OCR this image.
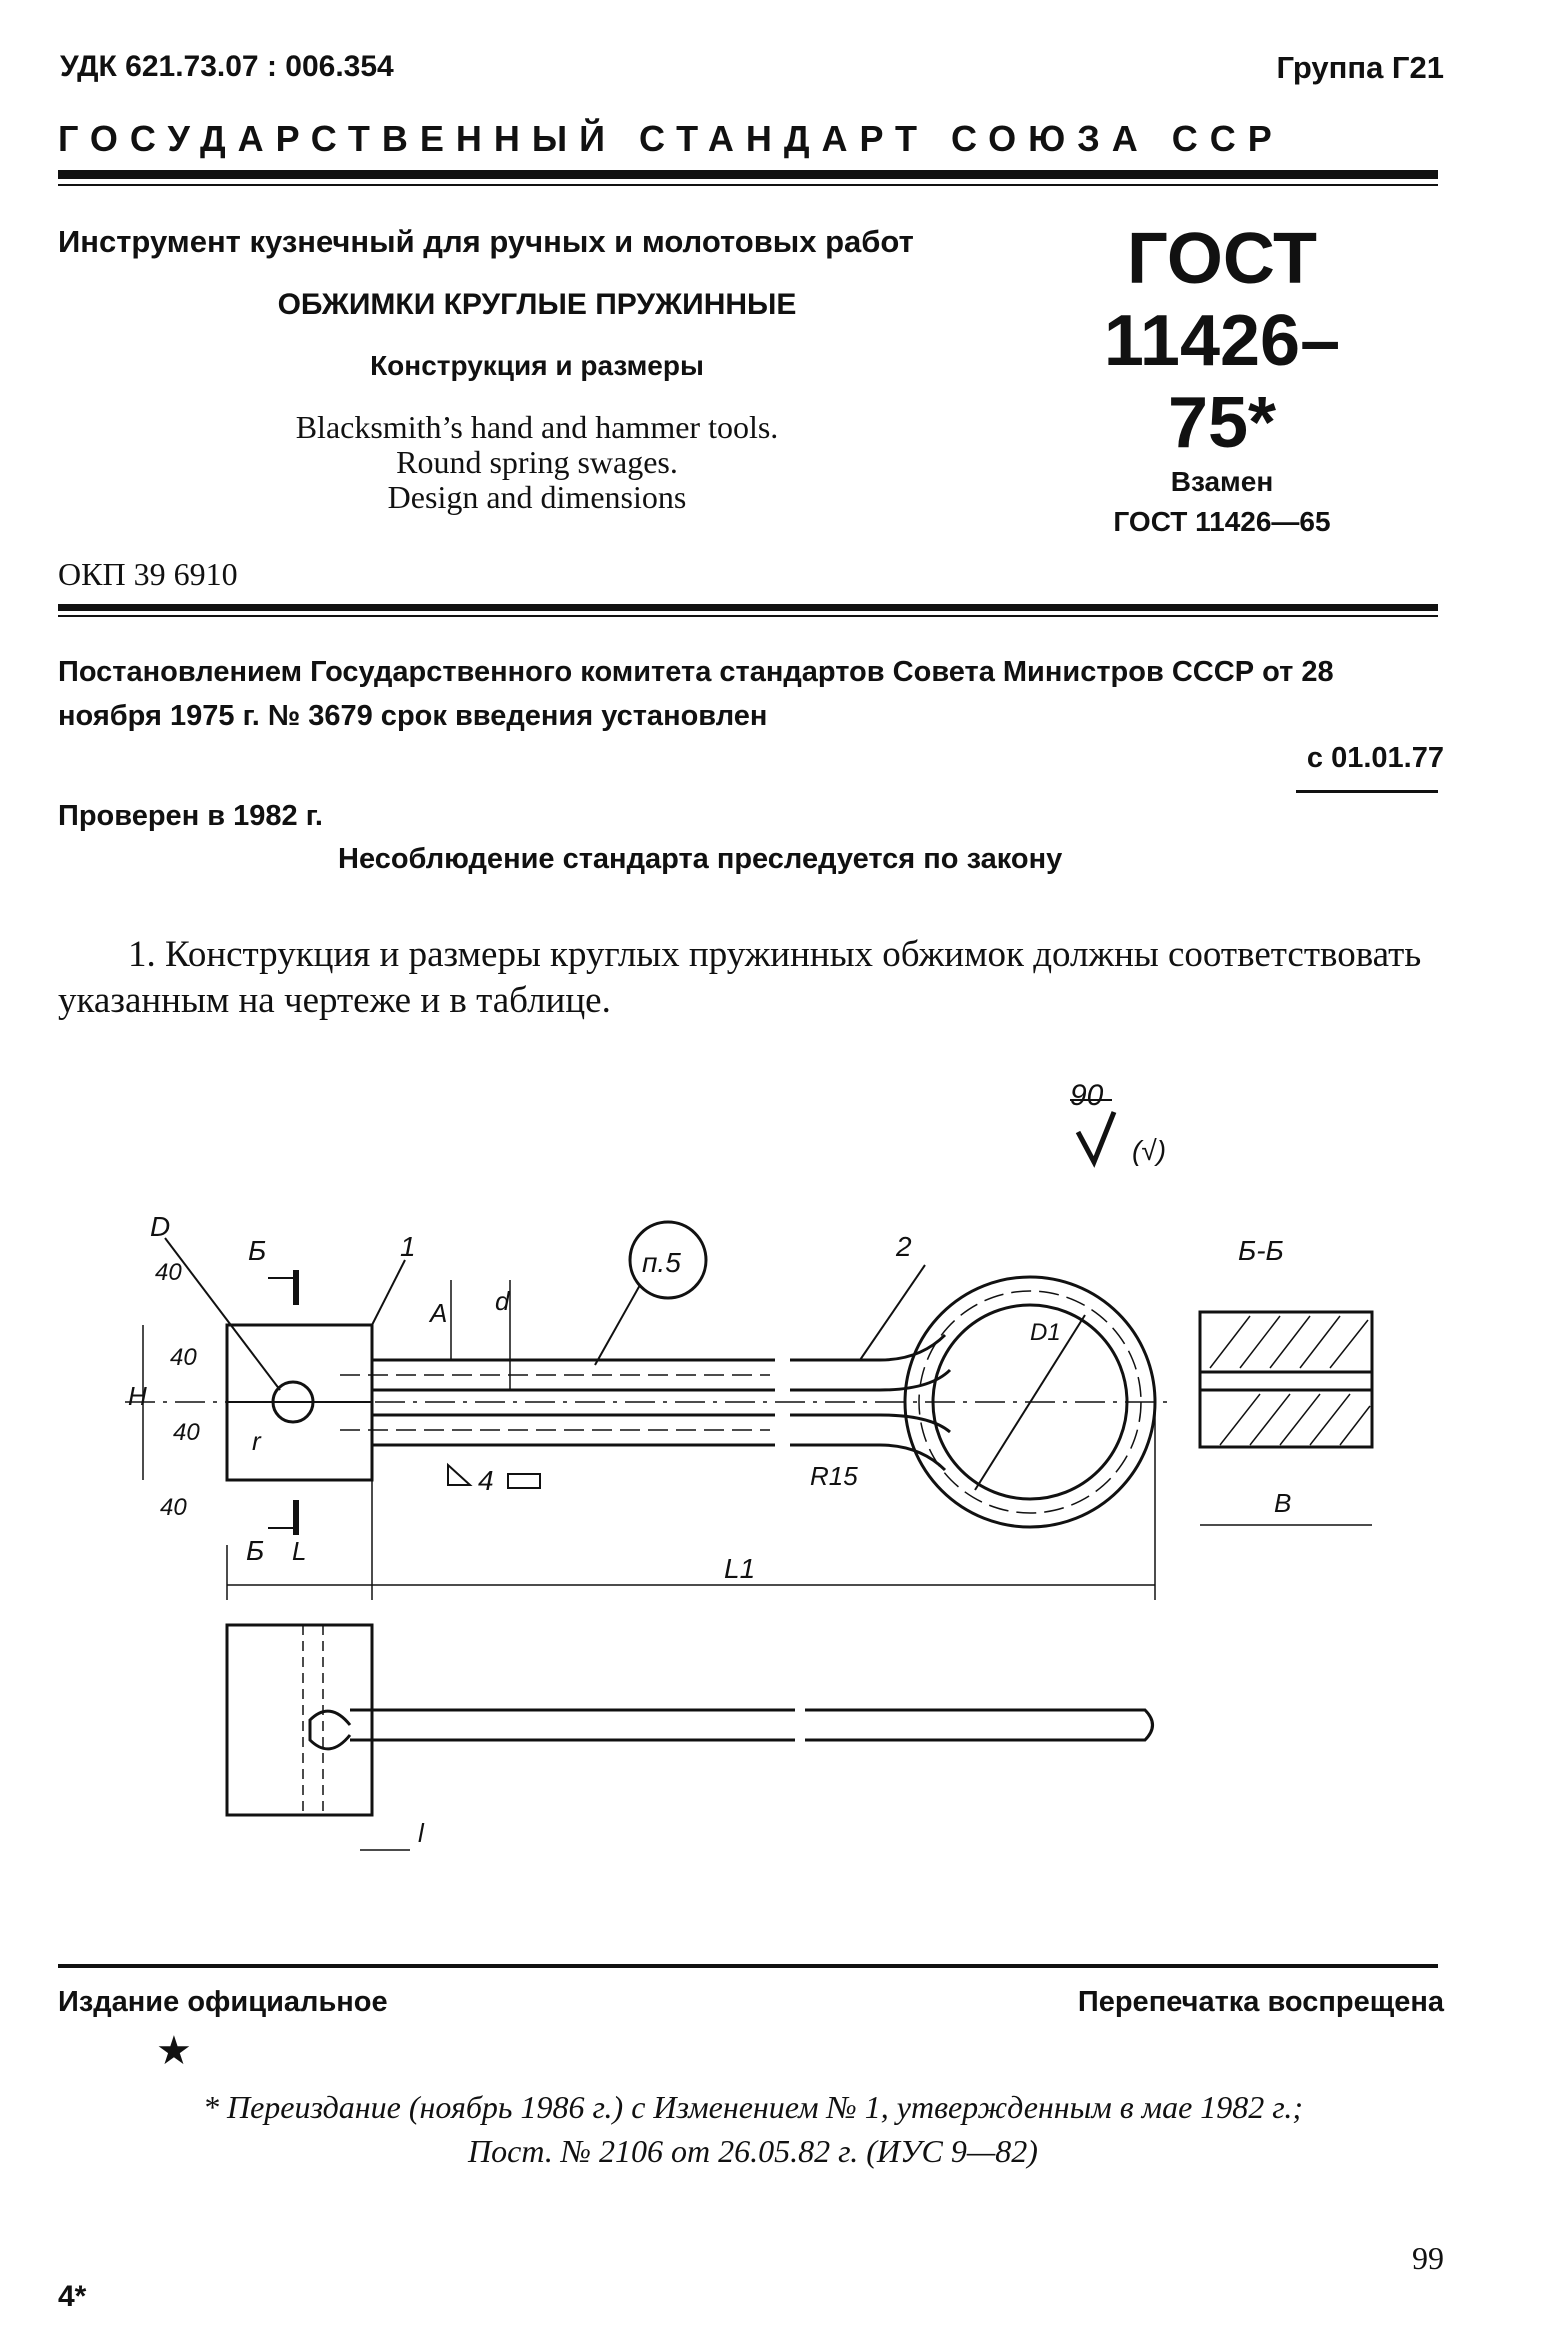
УДК 621.73.07 : 006.354	Группа Г21
ГОСУДАРСТВЕННЫЙ СТАНДАРТ СОЮЗА ССР
Инструмент кузнечный для ручных и молотовых работ
ОБЖИМКИ КРУГЛЫЕ ПРУЖИННЫЕ
Конструкция и размеры
Blacksmith’s hand and hammer tools.
Round spring swages.
Design and dimensions
ГОСТ
11426–75*
Взамен
ГОСТ 11426—65
ОКП 39 6910
Постановлением Государственного комитета стандартов Совета Министров СССР от 28 ноября 1975 г. № 3679 срок введения установлен
с 01.01.77
Проверен в 1982 г.
Несоблюдение стандарта преследуется по закону
1. Конструкция и размеры круглых пружинных обжимок должны соответствовать указанным на чертеже и в таблице.
90
(√)
D
Б	1	2
п.5
A d
H
r
40
40
40
40
Б L
L1
D1
R15
4
Б-Б
B
l
Издание официальное	Перепечатка воспрещена
★
* Переиздание (ноябрь 1986 г.) с Изменением № 1, утвержденным в мае 1982 г.;
Пост. № 2106 от 26.05.82 г. (ИУС 9—82)
4*
99
